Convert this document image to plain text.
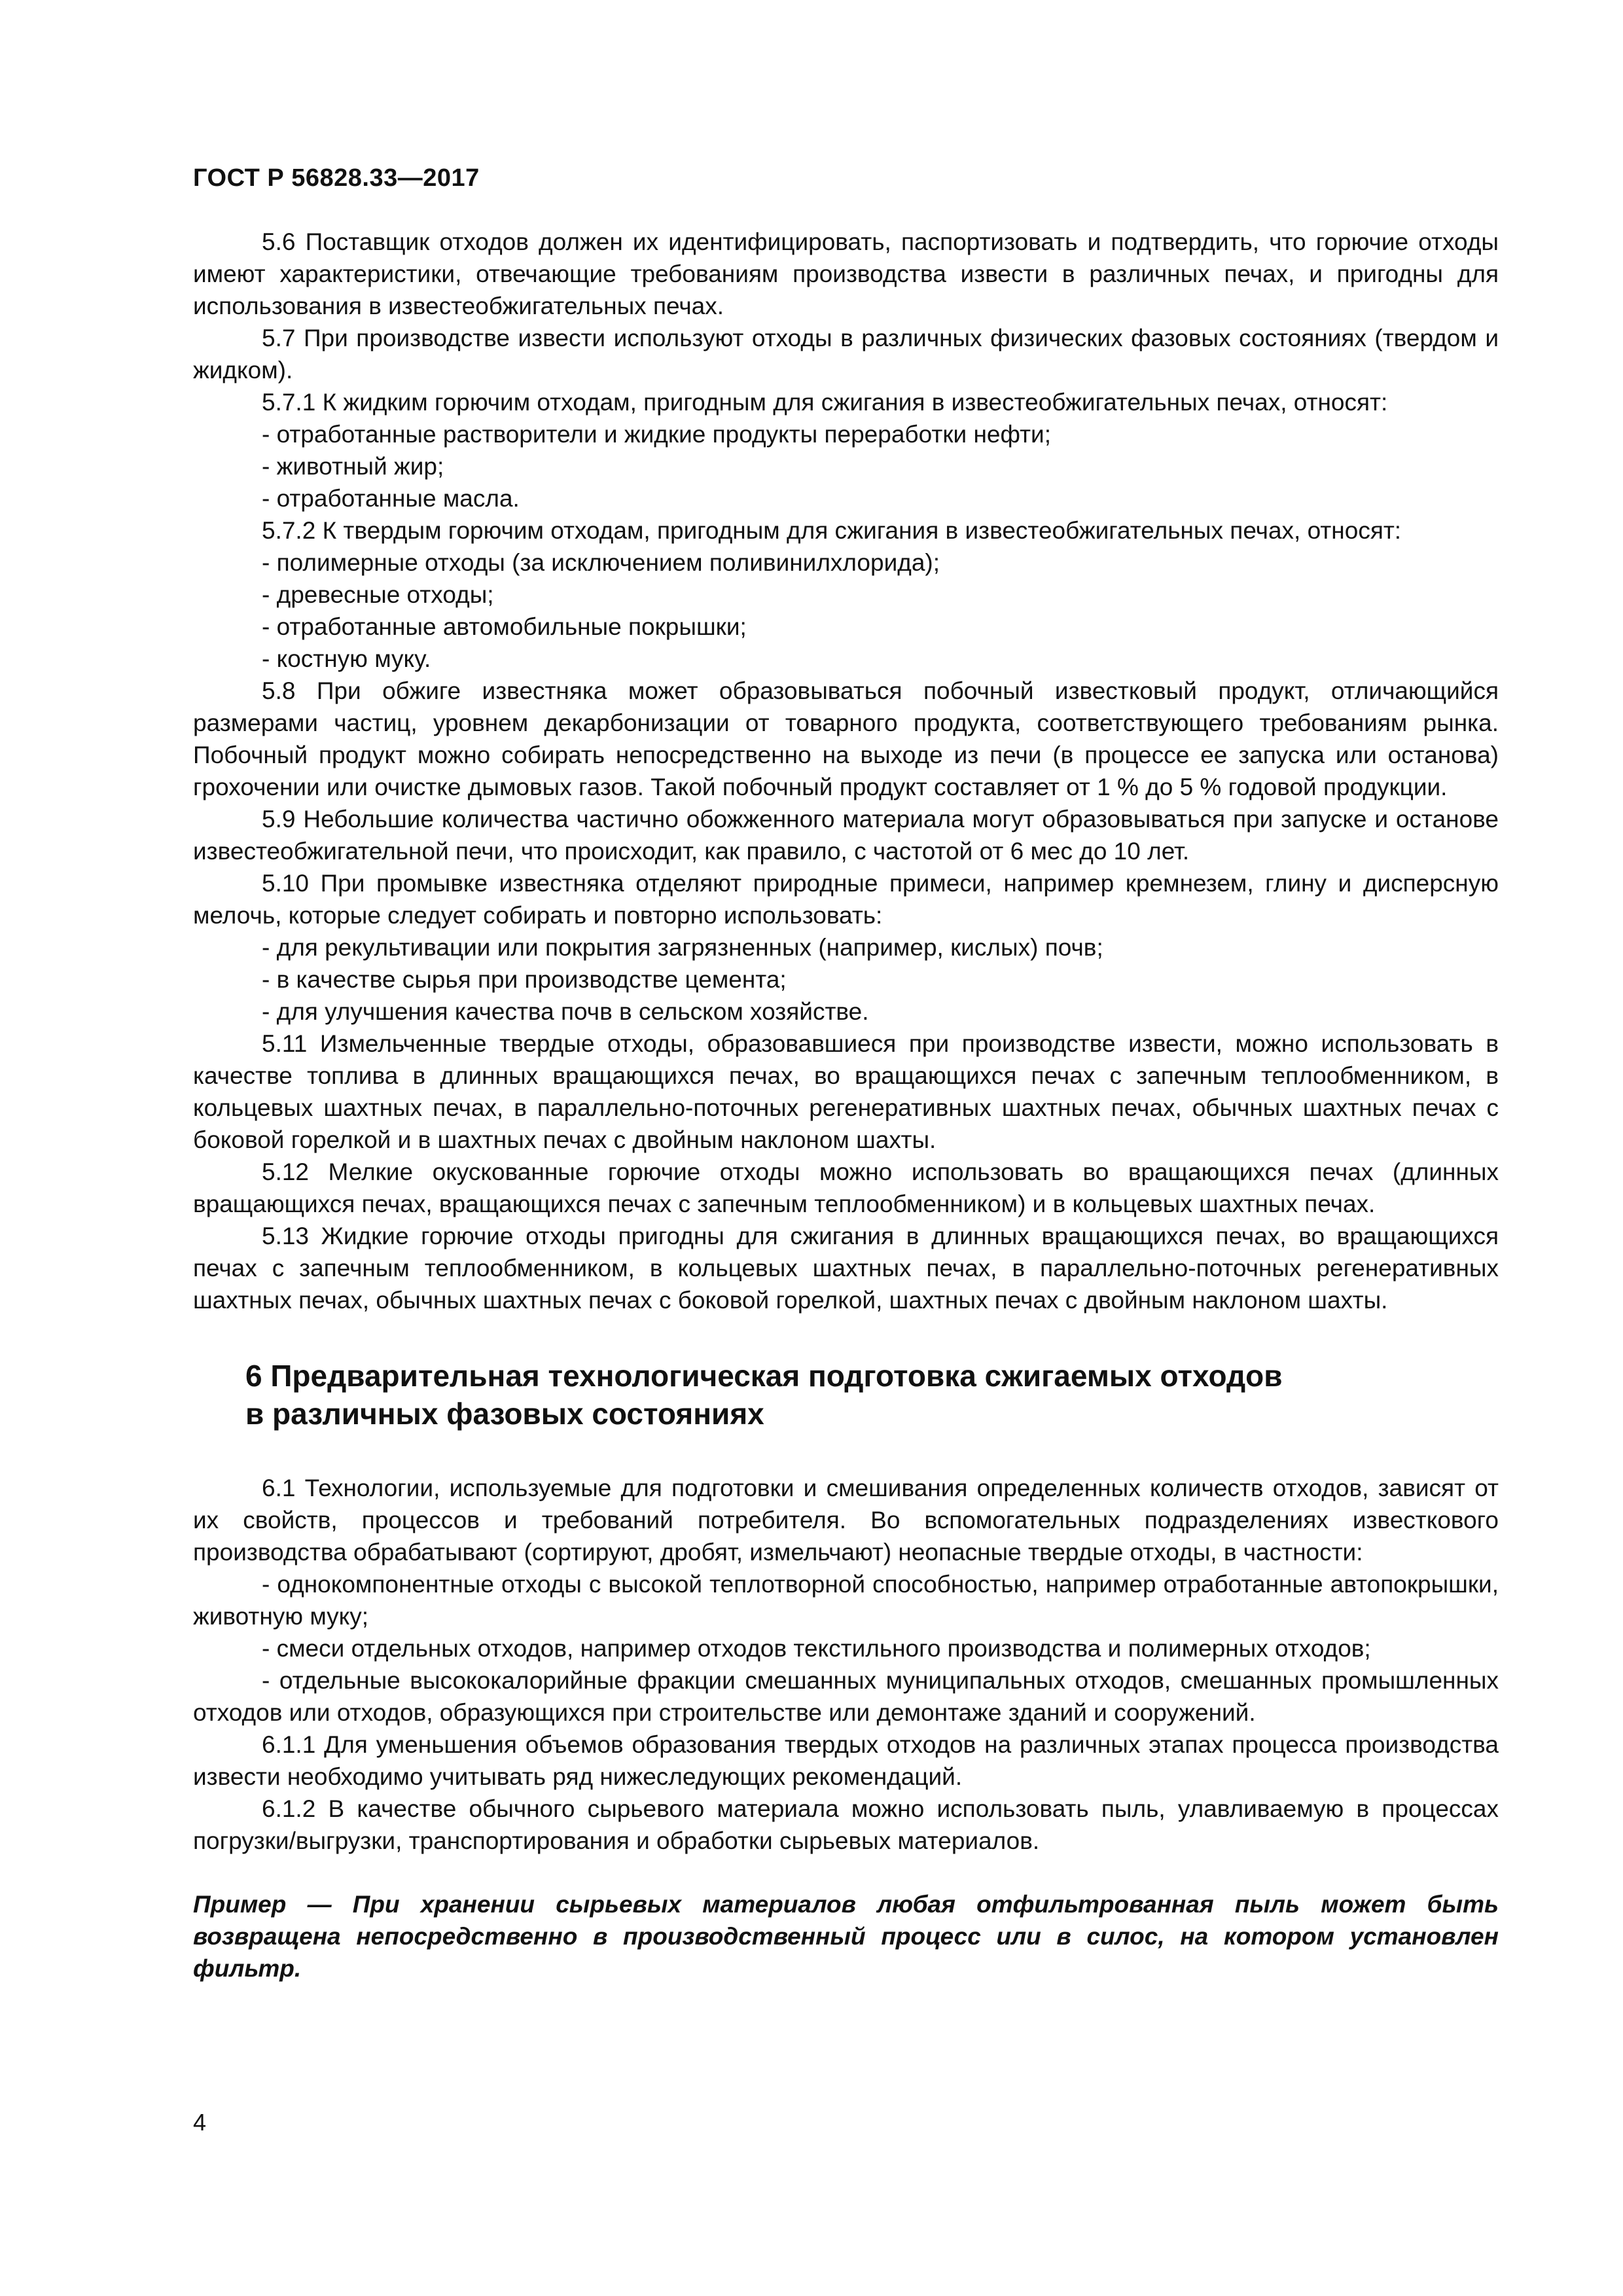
ГОСТ Р 56828.33—2017

5.6 Поставщик отходов должен их идентифицировать, паспортизовать и подтвердить, что горючие отходы имеют характеристики, отвечающие требованиям производства извести в различных печах, и пригодны для использования в известеобжигательных печах.

5.7 При производстве извести используют отходы в различных физических фазовых состояниях (твердом и жидком).

5.7.1 К жидким горючим отходам, пригодным для сжигания в известеобжигательных печах, относят:

- отработанные растворители и жидкие продукты переработки нефти;

- животный жир;

- отработанные масла.

5.7.2 К твердым горючим отходам, пригодным для сжигания в известеобжигательных печах, относят:

- полимерные отходы (за исключением поливинилхлорида);

- древесные отходы;

- отработанные автомобильные покрышки;

- костную муку.

5.8 При обжиге известняка может образовываться побочный известковый продукт, отличающийся размерами частиц, уровнем декарбонизации от товарного продукта, соответствующего требованиям рынка. Побочный продукт можно собирать непосредственно на выходе из печи (в процессе ее запуска или останова) грохочении или очистке дымовых газов. Такой побочный продукт составляет от 1 % до 5 % годовой продукции.

5.9 Небольшие количества частично обожженного материала могут образовываться при запуске и останове известеобжигательной печи, что происходит, как правило, с частотой от 6 мес до 10 лет.

5.10 При промывке известняка отделяют природные примеси, например кремнезем, глину и дисперсную мелочь, которые следует собирать и повторно использовать:

- для рекультивации или покрытия загрязненных (например, кислых) почв;

- в качестве сырья при производстве цемента;

- для улучшения качества почв в сельском хозяйстве.

5.11 Измельченные твердые отходы, образовавшиеся при производстве извести, можно использовать в качестве топлива в длинных вращающихся печах, во вращающихся печах с запечным теплообменником, в кольцевых шахтных печах, в параллельно-поточных регенеративных шахтных печах, обычных шахтных печах с боковой горелкой и в шахтных печах с двойным наклоном шахты.

5.12 Мелкие окускованные горючие отходы можно использовать во вращающихся печах (длинных вращающихся печах, вращающихся печах с запечным теплообменником) и в кольцевых шахтных печах.

5.13 Жидкие горючие отходы пригодны для сжигания в длинных вращающихся печах, во вращающихся печах с запечным теплообменником, в кольцевых шахтных печах, в параллельно-поточных регенеративных шахтных печах, обычных шахтных печах с боковой горелкой, шахтных печах с двойным наклоном шахты.

6 Предварительная технологическая подготовка сжигаемых отходов
в различных фазовых состояниях

6.1 Технологии, используемые для подготовки и смешивания определенных количеств отходов, зависят от их свойств, процессов и требований потребителя. Во вспомогательных подразделениях известкового производства обрабатывают (сортируют, дробят, измельчают) неопасные твердые отходы, в частности:

- однокомпонентные отходы с высокой теплотворной способностью, например отработанные автопокрышки, животную муку;

- смеси отдельных отходов, например отходов текстильного производства и полимерных отходов;

- отдельные высококалорийные фракции смешанных муниципальных отходов, смешанных промышленных отходов или отходов, образующихся при строительстве или демонтаже зданий и сооружений.

6.1.1 Для уменьшения объемов образования твердых отходов на различных этапах процесса производства извести необходимо учитывать ряд нижеследующих рекомендаций.

6.1.2 В качестве обычного сырьевого материала можно использовать пыль, улавливаемую в процессах погрузки/выгрузки, транспортирования и обработки сырьевых материалов.

Пример — При хранении сырьевых материалов любая отфильтрованная пыль может быть возвращена непосредственно в производственный процесс или в силос, на котором установлен фильтр.

4
